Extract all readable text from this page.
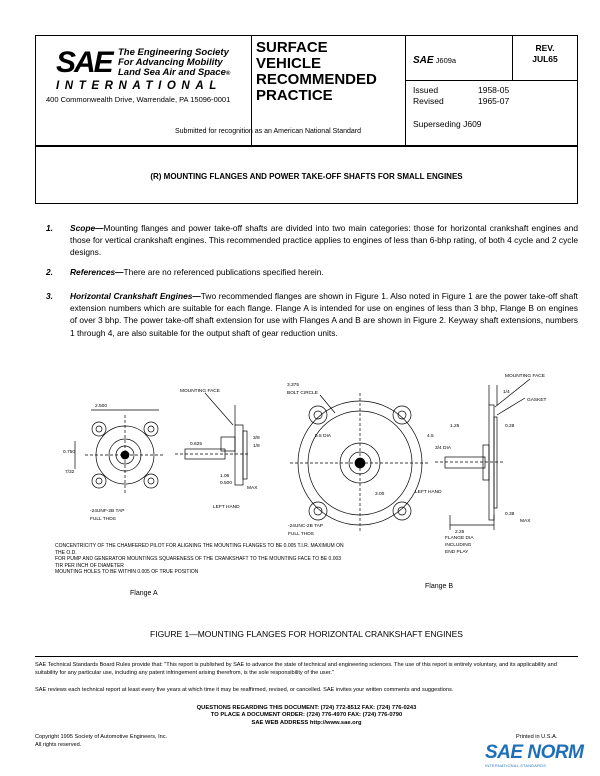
SAE The Engineering Society
For Advancing Mobility
Land Sea Air and Space®
INTERNATIONAL
400 Commonwealth Drive, Warrendale, PA 15096-0001
Submitted for recognition as an American National Standard
SURFACE
VEHICLE
RECOMMENDED
PRACTICE
SAE J609a
REV.
JUL65
Issued	1958-05
Revised	1965-07
Superseding J609
(R) MOUNTING FLANGES AND POWER TAKE-OFF SHAFTS FOR SMALL ENGINES
1. Scope—Mounting flanges and power take-off shafts are divided into two main categories: those for horizontal crankshaft engines and those for vertical crankshaft engines. This recommended practice applies to engines of less than 6-bhp rating, of both 4 cycle and 2 cycle designs.
2. References—There are no referenced publications specified herein.
3. Horizontal Crankshaft Engines—Two recommended flanges are shown in Figure 1. Also noted in Figure 1 are the power take-off shaft extension numbers which are suitable for each flange. Flange A is intended for use on engines of less than 3 bhp, Flange B on engines of over 3 bhp. The power take-off shaft extension for use with Flanges A and B are shown in Figure 2. Keyway shaft extensions, numbers 1 through 4, are also suitable for the output shaft of gear reduction units.
MOUNTING FACE
MOUNTING FACE
GASKET
BOLT CIRCLE
3.375
-24UNF-2B TAP
FULL THDS
-24UNC-2B TAP
FULL THDS
LEFT HAND
LEFT HAND
FLANGE DIA
INCLUDING
END PLAY
MAX
MAX
2.25
2.500
0.750
7/32
0.625
1.06
0.500
3/8
1/8
1/4
3/4 DIA
5.5 DIA	4.5
3.00
0.38
0.28
1.25
CONCENTRICITY OF THE CHAMFERED PILOT FOR ALIGNING THE MOUNTING FLANGES TO BE 0.005 T.I.R. MAXIMUM ON THE O.D.
FOR PUMP AND GENERATOR MOUNTINGS SQUARENESS OF THE CRANKSHAFT TO THE MOUNTING FACE TO BE 0.003 TIR PER INCH OF DIAMETER
MOUNTING HOLES TO BE WITHIN 0.005 OF TRUE POSITION
Flange A
Flange B
FIGURE 1—MOUNTING FLANGES FOR HORIZONTAL CRANKSHAFT ENGINES
SAE Technical Standards Board Rules provide that: "This report is published by SAE to advance the state of technical and engineering sciences. The use of this report is entirely voluntary, and its applicability and suitability for any particular use, including any patent infringement arising therefrom, is the sole responsibility of the user."
SAE reviews each technical report at least every five years at which time it may be reaffirmed, revised, or cancelled. SAE invites your written comments and suggestions.
QUESTIONS REGARDING THIS DOCUMENT: (724) 772-8512 FAX: (724) 776-0243
TO PLACE A DOCUMENT ORDER: (724) 776-4970 FAX: (724) 776-0790
SAE WEB ADDRESS http://www.sae.org
Copyright 1995 Society of Automotive Engineers, Inc.
All rights reserved.
Printed in U.S.A.
SAE NORM
INTERNATIONAL STANDARDS
